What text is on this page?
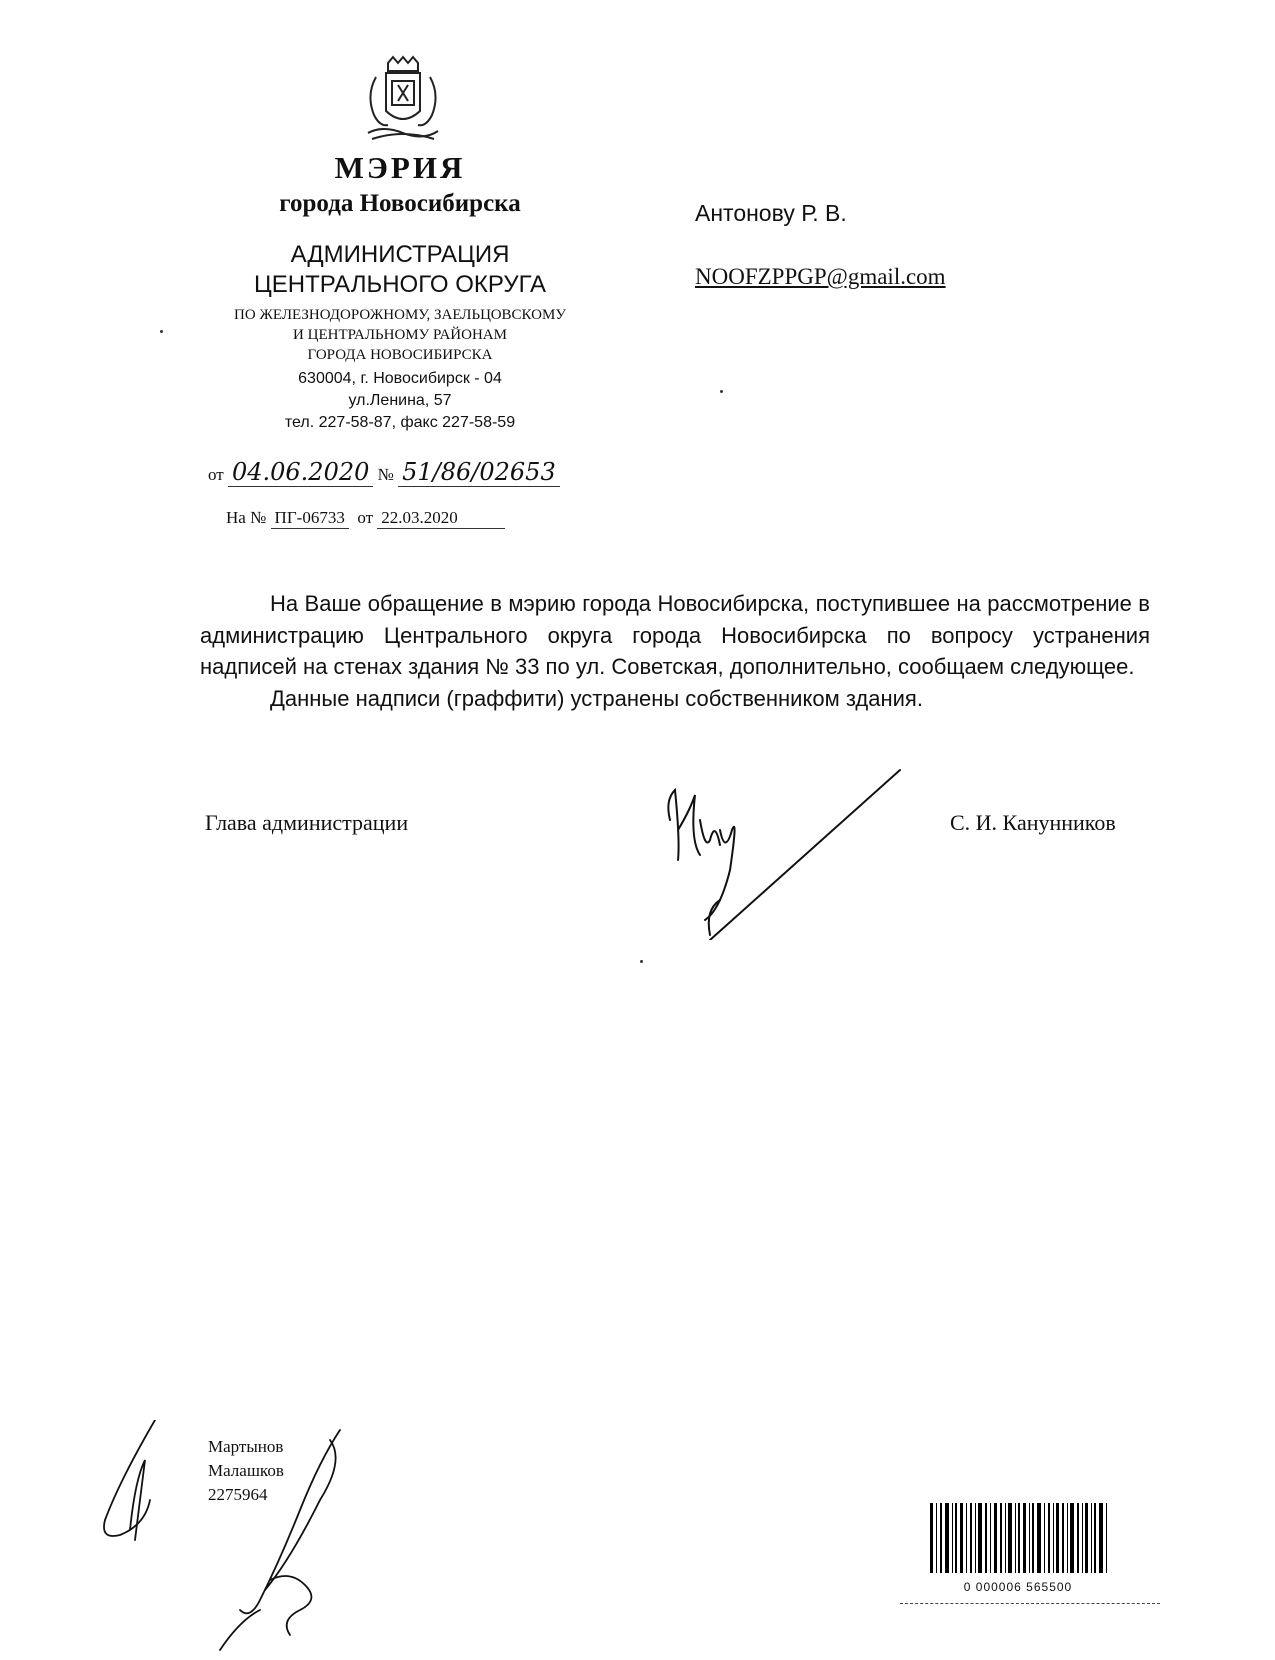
МЭРИЯ
города Новосибирска
АДМИНИСТРАЦИЯ
ЦЕНТРАЛЬНОГО ОКРУГА
ПО ЖЕЛЕЗНОДОРОЖНОМУ, ЗАЕЛЬЦОВСКОМУ
И ЦЕНТРАЛЬНОМУ РАЙОНАМ
ГОРОДА НОВОСИБИРСКА
630004, г. Новосибирск - 04
ул.Ленина, 57
тел. 227-58-87, факс 227-58-59
от 04.06.2020 № 51/86/02653
На № ПГ-06733 от 22.03.2020
Антонову Р. В.
NOOFZPPGP@gmail.com

На Ваше обращение в мэрию города Новосибирска, поступившее на рассмотрение в администрацию Центрального округа города Новосибирска по вопросу устранения надписей на стенах здания № 33 по ул. Советская, дополнительно, сообщаем следующее.

Данные надписи (граффити) устранены собственником здания.

Глава администрации	С. И. Канунников
Мартынов
Малашков
2275964
0 000006 565500
